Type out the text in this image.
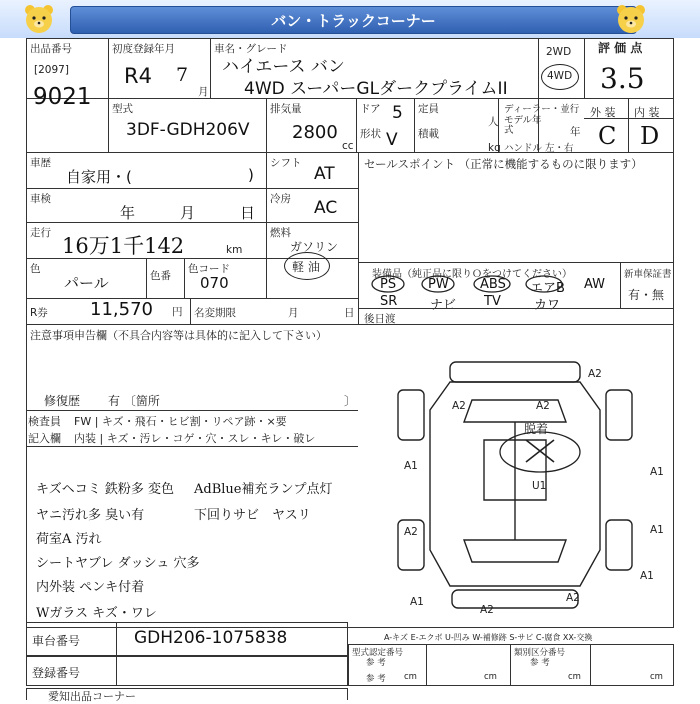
バン・トラックコーナー
出品番号
[2097]
9021
初度登録年月
R4 7
月
車名・グレード
ハイエース バン
4WD スーパーGLダークプライムII
2WD
4WD
評 価 点
3.5
型式
3DF-GDH206V
排気量
2800
cc
ドア 5
形状 V
定員
人
積載
kg
ディーラー・並行
モデル年式	年
ハンドル 左・右
外 装 内 装
C D
車歴
自家用・(	)
シフト
AT
車検
年	月	日
冷房 AC
走行
16万1千142	km
燃料
ガソリン
軽 油
色
パール	色番
色コード
070
R券 11,570 円 名変期限	月	日
セールスポイント （正常に機能するものに限ります）
装備品（純正品に限りＯをつけてください）	新車保証書
有・無
PS PW ABS エアB AW
SR	ナビ TV	カワ
後日渡
注意事項申告欄（不具合内容等は具体的に記入して下さい）
修復歴 有 〔箇所	〕
検査員
記入欄
FW | キズ・飛石・ヒビ割・リペア跡・×要
内装 | キズ・汚レ・コゲ・穴・スレ・キレ・破レ
キズヘコミ 鉄粉多 変色
ヤニ汚れ多 臭い有
荷室A 汚れ
シートヤブレ ダッシュ 穴多
内外装 ペンキ付着
Wガラス キズ・ワレ
AdBlue補充ランプ点灯
下回りサビ　ヤスリ
脱着
A2
A2
A2
A1
U1
A1
A2	A1
A1
A2
A1
A2
車台番号	GDH206-1075838
登録番号
A-キズ E-エクボ U-凹み W-補修跡 S-サビ C-腐食 XX-交換
型式認定番号
参 考
類別区分番号
参 考
参 考 cm	cm	cm	cm
愛知出品コーナー
